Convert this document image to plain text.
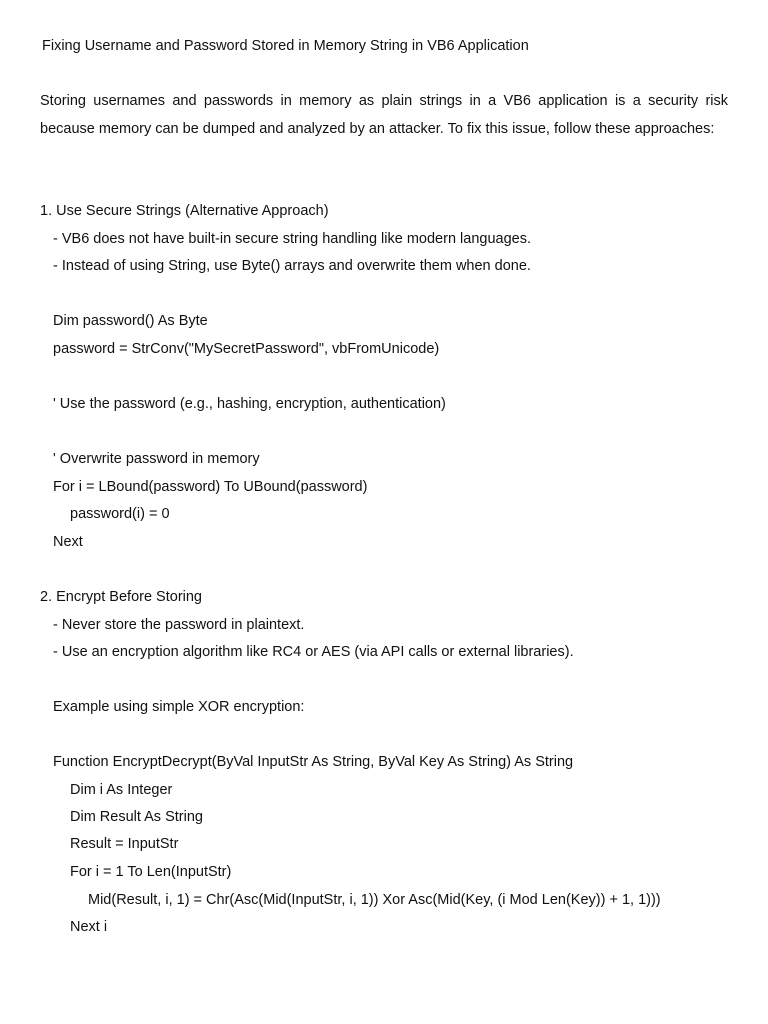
Fixing Username and Password Stored in Memory String in VB6 Application
Storing usernames and passwords in memory as plain strings in a VB6 application is a security risk because memory can be dumped and analyzed by an attacker. To fix this issue, follow these approaches:
1. Use Secure Strings (Alternative Approach)
- VB6 does not have built-in secure string handling like modern languages.
- Instead of using String, use Byte() arrays and overwrite them when done.
Dim password() As Byte
password = StrConv("MySecretPassword", vbFromUnicode)
' Use the password (e.g., hashing, encryption, authentication)
' Overwrite password in memory
For i = LBound(password) To UBound(password)
password(i) = 0
Next
2. Encrypt Before Storing
- Never store the password in plaintext.
- Use an encryption algorithm like RC4 or AES (via API calls or external libraries).
Example using simple XOR encryption:
Function EncryptDecrypt(ByVal InputStr As String, ByVal Key As String) As String
Dim i As Integer
Dim Result As String
Result = InputStr
For i = 1 To Len(InputStr)
Mid(Result, i, 1) = Chr(Asc(Mid(InputStr, i, 1)) Xor Asc(Mid(Key, (i Mod Len(Key)) + 1, 1)))
Next i
